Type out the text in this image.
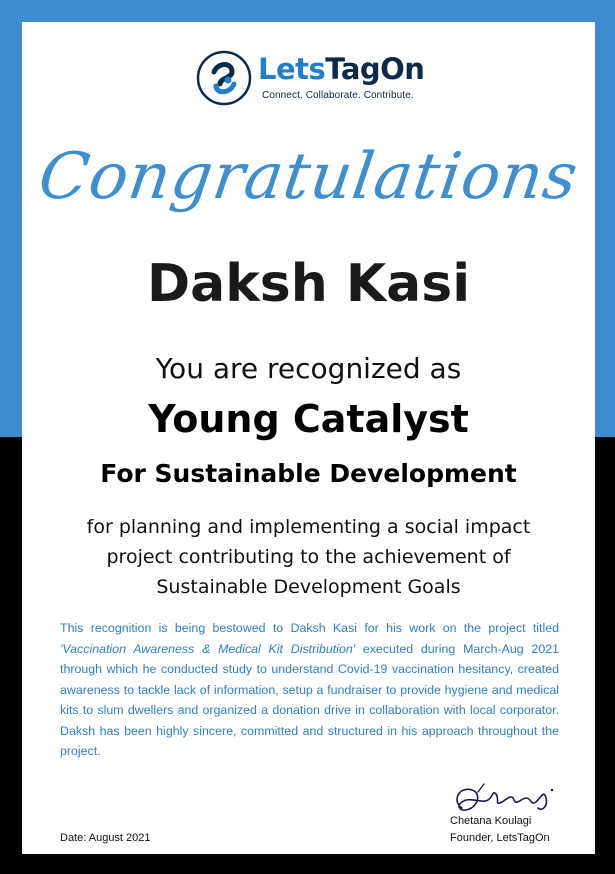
LetsTagOn
Connect. Collaborate. Contribute.
Congratulations
Daksh Kasi
You are recognized as
Young Catalyst
For Sustainable Development
for planning and implementing a social impact
project contributing to the achievement of
Sustainable Development Goals
This recognition is being bestowed to Daksh Kasi for his work on the project titled 'Vaccination Awareness & Medical Kit Distribution' executed during March-Aug 2021 through which he conducted study to understand Covid-19 vaccination hesitancy, created awareness to tackle lack of information, setup a fundraiser to provide hygiene and medical kits to slum dwellers and organized a donation drive in collaboration with local corporator. Daksh has been highly sincere, committed and structured in his approach throughout the project.
Chetana Koulagi
Founder, LetsTagOn
Date: August 2021
